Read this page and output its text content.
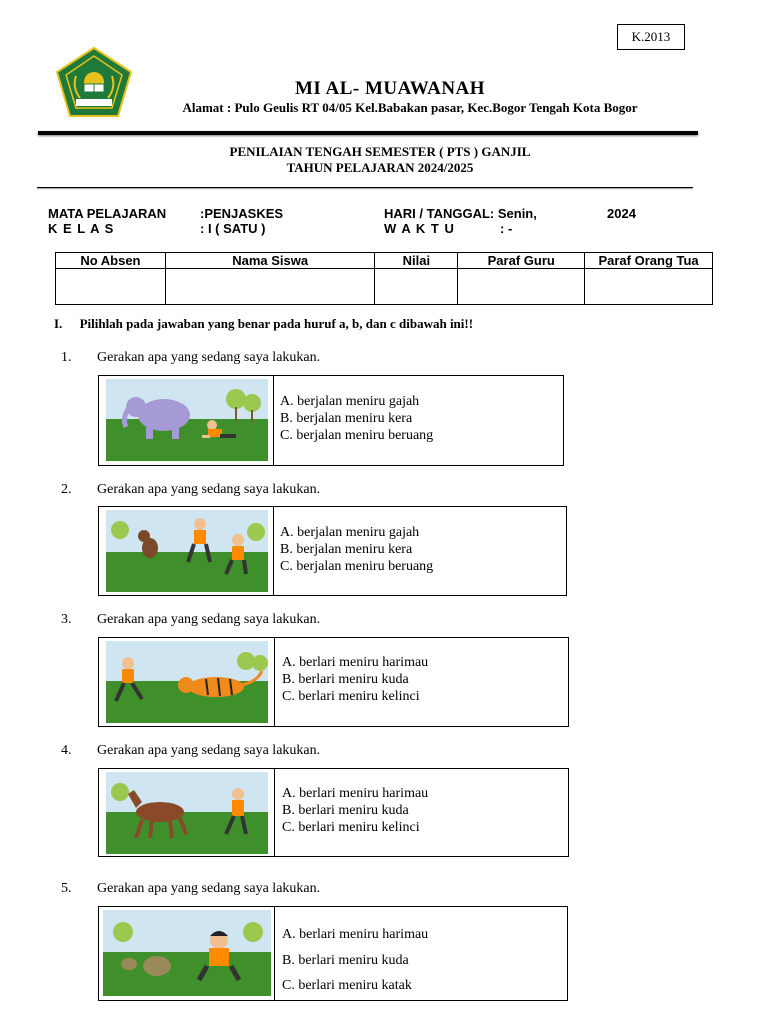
K.2013
MI AL- MUAWANAH
Alamat : Pulo Geulis RT 04/05 Kel.Babakan pasar, Kec.Bogor Tengah Kota Bogor
PENILAIAN TENGAH SEMESTER ( PTS ) GANJIL
TAHUN PELAJARAN 2024/2025
MATA PELAJARAN	:PENJASKES
K E L A S	: I ( SATU )
HARI / TANGGAL: Senin,	2024
W A K T U	: -
No Absen	Nama Siswa	Nilai	Paraf Guru	Paraf Orang Tua

I. Pilihlah pada jawaban yang benar pada huruf a, b, dan c dibawah ini!!
1. Gerakan apa yang sedang saya lakukan.
A. berjalan meniru gajah
B. berjalan meniru kera
C. berjalan meniru beruang
2. Gerakan apa yang sedang saya lakukan.
A. berjalan meniru gajah
B. berjalan meniru kera
C. berjalan meniru beruang
3. Gerakan apa yang sedang saya lakukan.
A. berlari meniru harimau
B. berlari meniru kuda
C. berlari meniru kelinci
4. Gerakan apa yang sedang saya lakukan.
A. berlari meniru harimau
B. berlari meniru kuda
C. berlari meniru kelinci
5. Gerakan apa yang sedang saya lakukan.
A. berlari meniru harimau
B. berlari meniru kuda
C. berlari meniru katak
